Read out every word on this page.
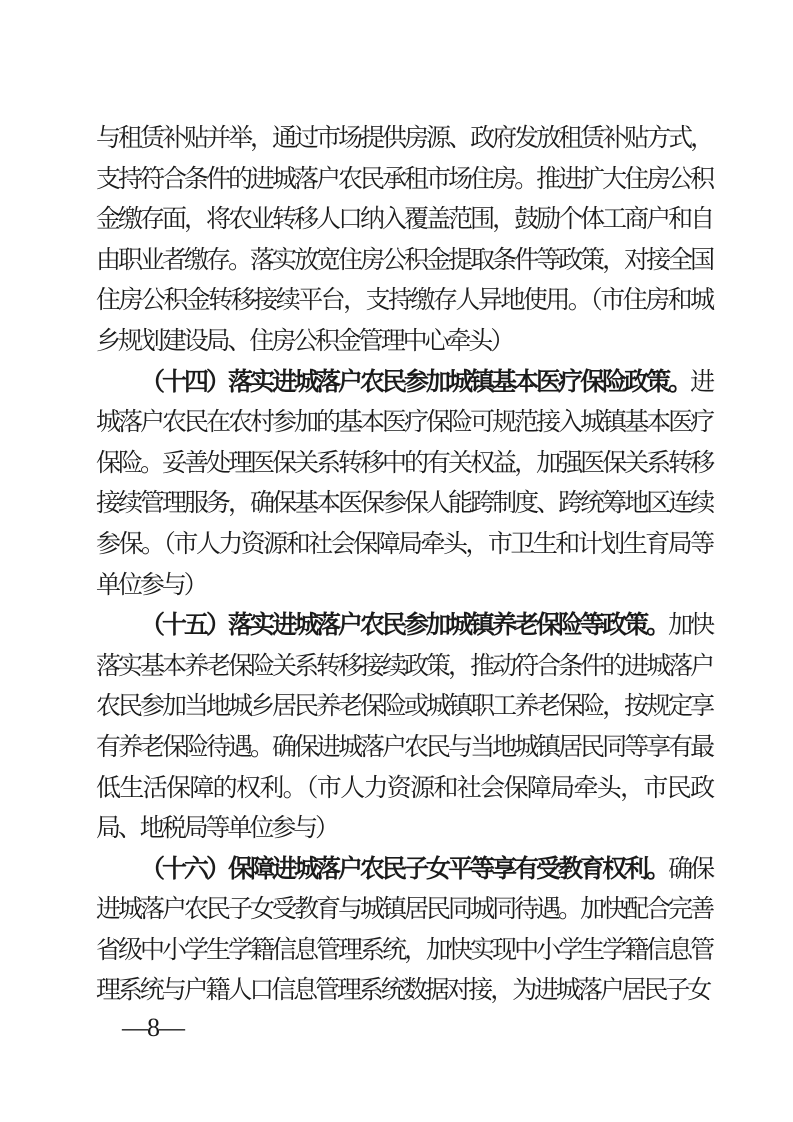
与租赁补贴并举，通过市场提供房源、政府发放租赁补贴方式，支持符合条件的进城落户农民承租市场住房。推进扩大住房公积金缴存面，将农业转移人口纳入覆盖范围，鼓励个体工商户和自由职业者缴存。落实放宽住房公积金提取条件等政策，对接全国住房公积金转移接续平台，支持缴存人异地使用。（市住房和城乡规划建设局、住房公积金管理中心牵头）

（十四）落实进城落户农民参加城镇基本医疗保险政策。进城落户农民在农村参加的基本医疗保险可规范接入城镇基本医疗保险。妥善处理医保关系转移中的有关权益，加强医保关系转移接续管理服务，确保基本医保参保人能跨制度、跨统筹地区连续参保。（市人力资源和社会保障局牵头，市卫生和计划生育局等单位参与）

（十五）落实进城落户农民参加城镇养老保险等政策。加快落实基本养老保险关系转移接续政策，推动符合条件的进城落户农民参加当地城乡居民养老保险或城镇职工养老保险，按规定享有养老保险待遇。确保进城落户农民与当地城镇居民同等享有最低生活保障的权利。（市人力资源和社会保障局牵头，市民政局、地税局等单位参与）

（十六）保障进城落户农民子女平等享有受教育权利。确保进城落户农民子女受教育与城镇居民同城同待遇。加快配合完善省级中小学生学籍信息管理系统，加快实现中小学生学籍信息管理系统与户籍人口信息管理系统数据对接，为进城落户居民子女

—8—
